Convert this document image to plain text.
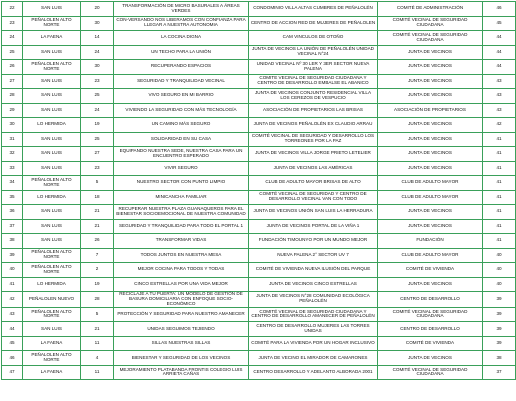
22	SAN LUIS	20	TRANSFORMACIÓN DE MICRO BASURALES A ÁREAS VERDES	CONDOMINIO VILLA ALTAS CUMBRES DE PEÑALOLÉN	COMITÉ DE ADMINISTRACIÓN	46
23	PEÑALOLEN ALTO NORTE	30	CON-VERSANDO NOS LIBERAMOS CON CONFIANZA PARA LLEGAR A NUESTRA AUTONOMIA	CENTRO DE ACCION RED DE MUJERES DE PEÑALOLEN	COMITÉ VECINAL DE SEGURIDAD CIUDADANA	45
24	LA FAENA	14	LA COCINA DIGNA	CAM VINCULOS DE OTOÑO	COMITÉ VECINAL DE SEGURIDAD CIUDADANA	44
25	SAN LUIS	24	UN TECHO PARA LA UNIÓN	JUNTA DE VECINOS LA UNIÓN DE PEÑALOLÉN UNIDAD VECINAL N°24	JUNTA DE VECINOS	44
26	PEÑALOLEN ALTO NORTE	30	RECUPERANDO ESPACIOS	UNIDAD VECINAL Nº 30 LER Y 3ER SECTOR NUEVA PALENA	JUNTA DE VECINOS	44
27	SAN LUIS	23	SEGURIDAD Y TRANQUILIDAD VECINAL	COMITE VECINAL DE SEGURIDAD CIUDADANA Y CENTRO DE DESARROLLO EMBALSE EL ABANICO	JUNTA DE VECINOS	43
28	SAN LUIS	25	VIVO SEGURO EN MI BARRIO	JUNTA DE VECINOS CONJUNTO RESIDENCIAL VILLA LOS CEREZOS DE VESPUCIO	JUNTA DE VECINOS	43
29	SAN LUIS	24	VIVIENDO LA SEGURIDAD CON MÁS TECNOLOGÍA	ASOCIACIÓN DE PROPIETARIOS LAS BRISAS	ASOCIACIÓN DE PROPIETARIOS	43
30	LO HERMIDA	19	UN CAMINO MÁS SEGURO	JUNTA DE VECINOS PEÑALOLÉN EX CLAUDIO ARRAU	JUNTA DE VECINOS	42
31	SAN LUIS	25	SOLIDARIDAD EN SU CASA	COMITÉ VECINAL DE SEGURIDAD Y DESARROLLO LOS TORREONES POR LA PAZ	JUNTA DE VECINOS	41
32	SAN LUIS	27	EQUIPANDO NUESTRA SEDE, NUESTRA CASA PARA UN ENCUENTRO ESPERADO	JUNTA DE VECINOS VILLA JORGE PRIETO LETELIER	JUNTA DE VECINOS	41
33	SAN LUIS	23	VIVIR SEGURO	JUNTA DE VECINOS LAS AMÉRICAS	JUNTA DE VECINOS	41
34	PEÑALOLEN ALTO NORTE	5	NUESTRO SECTOR CON PUNTO LIMPIO	CLUB DE ADULTO MAYOR BRISAS DE ALTO	CLUB DE ADULTO MAYOR	41
35	LO HERMIDA	18	MINICANCHA FAMILIAR	COMITÉ VECINAL DE SEGURIDAD Y CENTRO DE DESARROLLO VECINAL VAN CON TODO	CLUB DE ADULTO MAYOR	41
36	SAN LUIS	21	RECUPERAR NUESTRA PLAZA GUANAQUEROS PARA EL BIENESTAR SOCIOEMOCIONAL DE NUESTRA COMUNIDAD	JUNTA DE VECINOS UNIÓN SAN LUIS LA HERRADURA	JUNTA DE VECINOS	41
37	SAN LUIS	21	SEGURIDAD Y TRANQUILIDAD PARA TODO EL PORTAL 1	JUNTA DE VECINOS PORTAL DE LA VIÑA 1	JUNTA DE VECINOS	41
38	SAN LUIS	26	TRANSFORMAR VIDAS	FUNDACIÓN TIMOUNYO POR UN MUNDO MEJOR	FUNDACIÓN	41
39	PEÑALOLEN ALTO NORTE	7	TODOS JUNTOS EN NUESTRA MESA	NUEVA PALENA 2° SECTOR UV 7	CLUB DE ADULTO MAYOR	40
40	PEÑALOLEN ALTO NORTE	2	MEJOR COCINA PARA TODOS Y TODAS	COMITÉ DE VIVIENDA NUEVA ILUSIÓN DEL PARQUE	COMITÉ DE VIVIENDA	40
41	LO HERMIDA	19	CINCO ESTRELLAS POR UNA VIDA MEJOR	JUNTA DE VECINOS CINCO ESTRELLAS	JUNTA DE VECINOS	40
42	PEÑALOLEN NUEVO	28	RECICLAJE A TU PUERTA: UN MODELO DE GESTIÓN DE BASURA DOMICILIARIA CON ENFOQUE SOCIO-ECONÓMICO	JUNTA DE VECINOS N°28 COMUNIDAD ECOLÓGICA PEÑALOLÉN	CENTRO DE DESARROLLO	39
43	PEÑALOLEN ALTO NORTE	5	PROTECCIÓN Y SEGURIDAD PARA NUESTRO AMANECER	COMITÉ VECINAL DE SEGURIDAD CIUDADANA Y CENTRO DE DESARROLLO AMANECER DE PEÑALOLÉN	COMITÉ VECINAL DE SEGURIDAD CIUDADANA	39
44	SAN LUIS	21	UNIDAS SEGUIMOS TEJIENDO	CENTRO DE DESARROLLO MUJERES LAS TORRES UNIDAS	CENTRO DE DESARROLLO	39
45	LA FAENA	11	SILLAS NUESTRAS SILLAS	COMITÉ PARA LA VIVIENDA POR UN HOGAR INCLUSIVO	COMITÉ DE VIVIENDA	39
46	PEÑALOLEN ALTO NORTE	4	BIENESTAR Y SEGURIDAD DE LOS VECINOS	JUNTA DE VECINO EL MIRADOR DE CAMARONES	JUNTA DE VECINOS	38
47	LA FAENA	11	MEJORAMIENTO PLATABANDA FRONTIS COLEGIO LUIS ARRIETA CAÑAS	CENTRO DESARROLLO Y ADELANTO ALBORADA 2001	COMITÉ VECINAL DE SEGURIDAD CIUDADANA	37
